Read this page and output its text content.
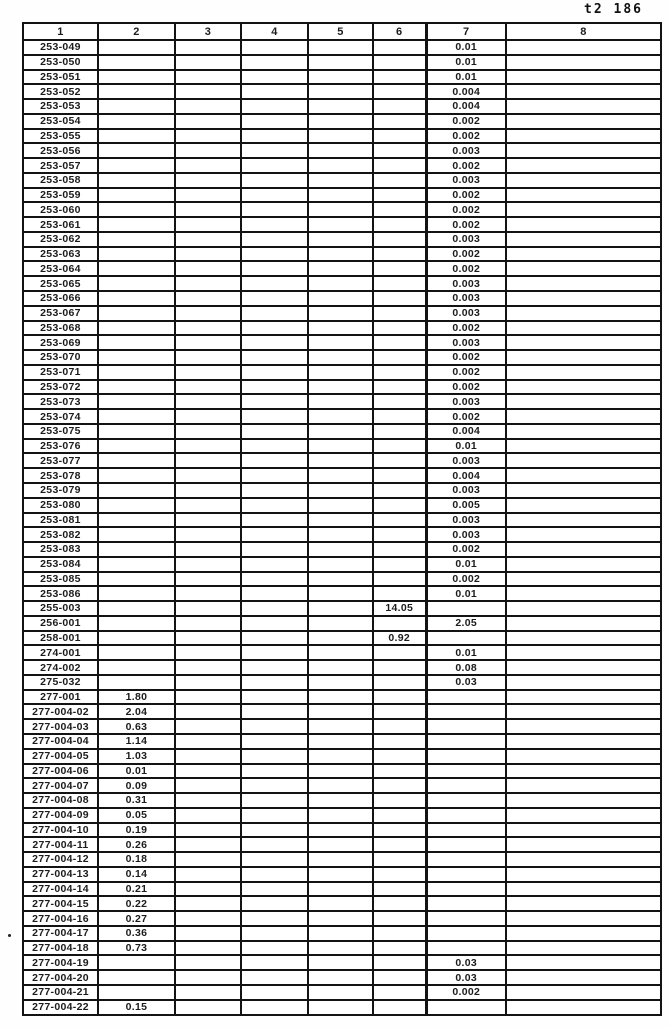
t2 186
1	2	3	4	5	6	7	8
253-049						0.01	
253-050						0.01	
253-051						0.01	
253-052						0.004	
253-053						0.004	
253-054						0.002	
253-055						0.002	
253-056						0.003	
253-057						0.002	
253-058						0.003	
253-059						0.002	
253-060						0.002	
253-061						0.002	
253-062						0.003	
253-063						0.002	
253-064						0.002	
253-065						0.003	
253-066						0.003	
253-067						0.003	
253-068						0.002	
253-069						0.003	
253-070						0.002	
253-071						0.002	
253-072						0.002	
253-073						0.003	
253-074						0.002	
253-075						0.004	
253-076						0.01	
253-077						0.003	
253-078						0.004	
253-079						0.003	
253-080						0.005	
253-081						0.003	
253-082						0.003	
253-083						0.002	
253-084						0.01	
253-085						0.002	
253-086						0.01	
255-003					14.05		
256-001						2.05	
258-001					0.92		
274-001						0.01	
274-002						0.08	
275-032						0.03	
277-001	1.80						
277-004-02	2.04						
277-004-03	0.63						
277-004-04	1.14						
277-004-05	1.03						
277-004-06	0.01						
277-004-07	0.09						
277-004-08	0.31						
277-004-09	0.05						
277-004-10	0.19						
277-004-11	0.26						
277-004-12	0.18						
277-004-13	0.14						
277-004-14	0.21						
277-004-15	0.22						
277-004-16	0.27						
277-004-17	0.36						
277-004-18	0.73						
277-004-19						0.03	
277-004-20						0.03	
277-004-21						0.002	
277-004-22	0.15						
